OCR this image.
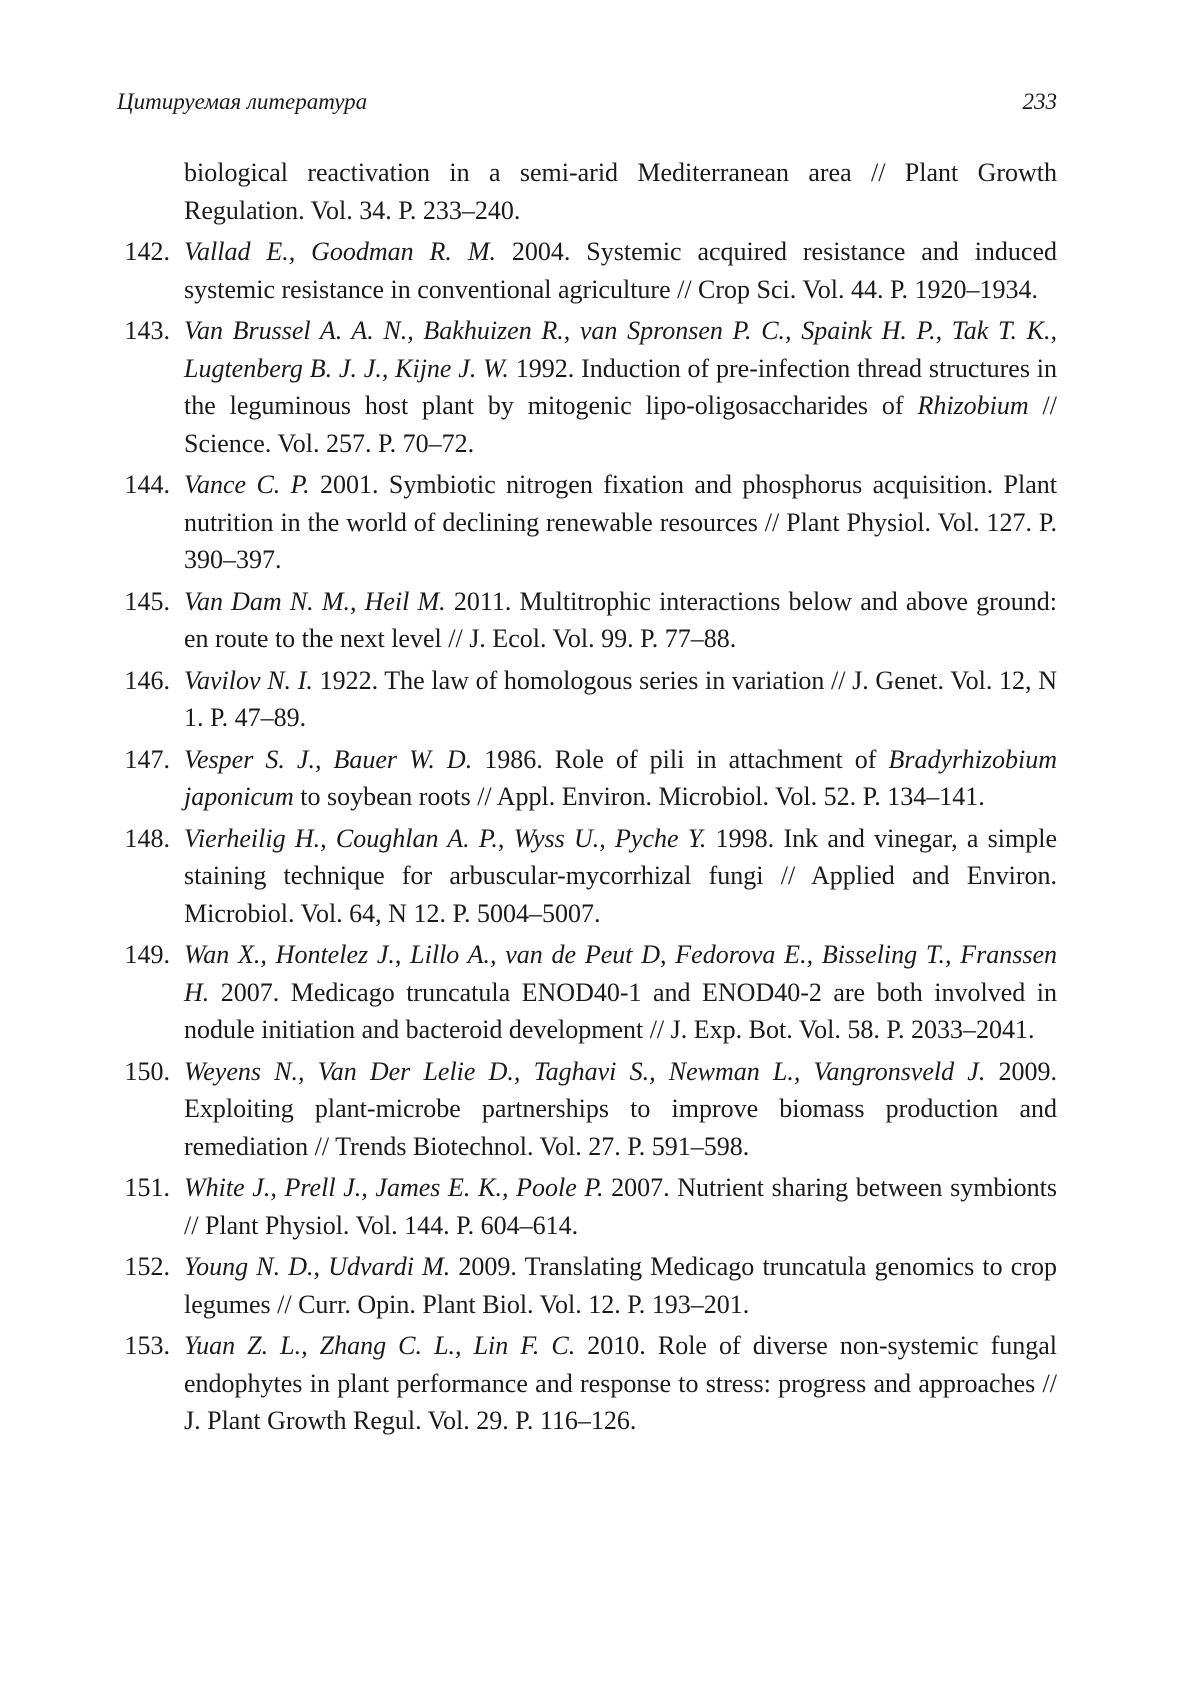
Цитируемая литература	233
biological reactivation in a semi-arid Mediterranean area // Plant Growth Regulation. Vol. 34. P. 233–240.
142. Vallad E., Goodman R. M. 2004. Systemic acquired resistance and induced systemic resistance in conventional agriculture // Crop Sci. Vol. 44. P. 1920–1934.
143. Van Brussel A. A. N., Bakhuizen R., van Spronsen P. C., Spaink H. P., Tak T. K., Lugtenberg B. J. J., Kijne J. W. 1992. Induction of pre-infection thread structures in the leguminous host plant by mitogenic lipo-oligosaccharides of Rhizobium // Science. Vol. 257. P. 70–72.
144. Vance C. P. 2001. Symbiotic nitrogen fixation and phosphorus acquisition. Plant nutrition in the world of declining renewable resources // Plant Physiol. Vol. 127. P. 390–397.
145. Van Dam N. M., Heil M. 2011. Multitrophic interactions below and above ground: en route to the next level // J. Ecol. Vol. 99. P. 77–88.
146. Vavilov N. I. 1922. The law of homologous series in variation // J. Genet. Vol. 12, N 1. P. 47–89.
147. Vesper S. J., Bauer W. D. 1986. Role of pili in attachment of Bradyrhizobium japonicum to soybean roots // Appl. Environ. Microbiol. Vol. 52. P. 134–141.
148. Vierheilig H., Coughlan A. P., Wyss U., Pyche Y. 1998. Ink and vinegar, a simple staining technique for arbuscular-mycorrhizal fungi // Applied and Environ. Microbiol. Vol. 64, N 12. P. 5004–5007.
149. Wan X., Hontelez J., Lillo A., van de Peut D, Fedorova E., Bisseling T., Franssen H. 2007. Medicago truncatula ENOD40-1 and ENOD40-2 are both involved in nodule initiation and bacteroid development // J. Exp. Bot. Vol. 58. P. 2033–2041.
150. Weyens N., Van Der Lelie D., Taghavi S., Newman L., Vangronsveld J. 2009. Exploiting plant-microbe partnerships to improve biomass production and remediation // Trends Biotechnol. Vol. 27. P. 591–598.
151. White J., Prell J., James E. K., Poole P. 2007. Nutrient sharing between symbionts // Plant Physiol. Vol. 144. P. 604–614.
152. Young N. D., Udvardi M. 2009. Translating Medicago truncatula genomics to crop legumes // Curr. Opin. Plant Biol. Vol. 12. P. 193–201.
153. Yuan Z. L., Zhang C. L., Lin F. C. 2010. Role of diverse non-systemic fungal endophytes in plant performance and response to stress: progress and approaches // J. Plant Growth Regul. Vol. 29. P. 116–126.
